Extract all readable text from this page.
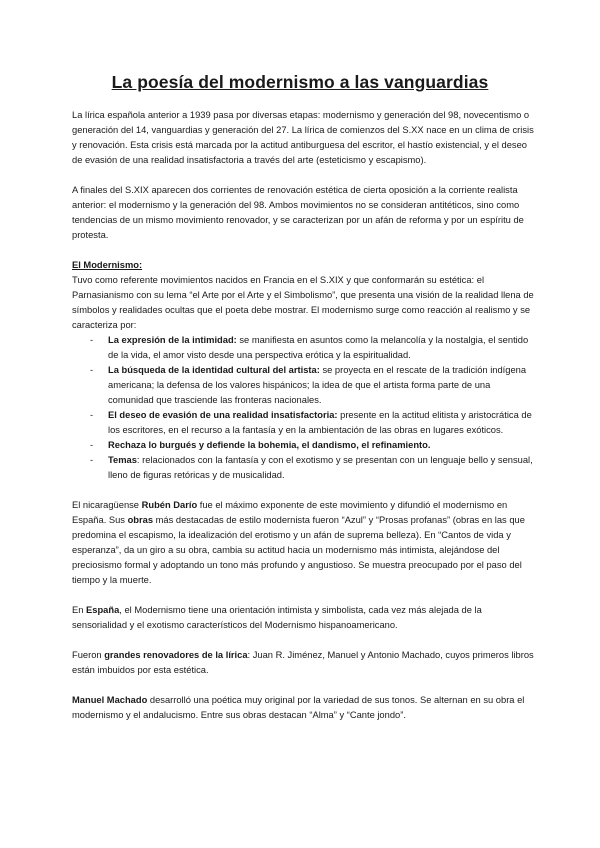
La poesía del modernismo a las vanguardias

La lírica española anterior a 1939 pasa por diversas etapas: modernismo y generación del 98, novecentismo o generación del 14, vanguardias y generación del 27. La lírica de comienzos del S.XX nace en un clima de crisis y renovación. Esta crisis está marcada por la actitud antiburguesa del escritor, el hastío existencial, y el deseo de evasión de una realidad insatisfactoria a través del arte (esteticismo y escapismo).

A finales del S.XIX aparecen dos corrientes de renovación estética de cierta oposición a la corriente realista anterior: el modernismo y la generación del 98. Ambos movimientos no se consideran antitéticos, sino como tendencias de un mismo movimiento renovador, y se caracterizan por un afán de reforma y por un espíritu de protesta.

El Modernismo:

Tuvo como referente movimientos nacidos en Francia en el S.XIX y que conformarán su estética: el Parnasianismo con su lema “el Arte por el Arte y el Simbolismo”, que presenta una visión de la realidad llena de símbolos y realidades ocultas que el poeta debe mostrar. El modernismo surge como reacción al realismo y se caracteriza por:

- La expresión de la intimidad: se manifiesta en asuntos como la melancolía y la nostalgia, el sentido de la vida, el amor visto desde una perspectiva erótica y la espiritualidad.
- La búsqueda de la identidad cultural del artista: se proyecta en el rescate de la tradición indígena americana; la defensa de los valores hispánicos; la idea de que el artista forma parte de una comunidad que trasciende las fronteras nacionales.
- El deseo de evasión de una realidad insatisfactoria: presente en la actitud elitista y aristocrática de los escritores, en el recurso a la fantasía y en la ambientación de las obras en lugares exóticos.
- Rechaza lo burgués y defiende la bohemia, el dandismo, el refinamiento.
- Temas: relacionados con la fantasía y con el exotismo y se presentan con un lenguaje bello y sensual, lleno de figuras retóricas y de musicalidad.

El nicaragüense Rubén Darío fue el máximo exponente de este movimiento y difundió el modernismo en España. Sus obras más destacadas de estilo modernista fueron “Azul” y “Prosas profanas” (obras en las que predomina el escapismo, la idealización del erotismo y un afán de suprema belleza). En “Cantos de vida y esperanza”, da un giro a su obra, cambia su actitud hacia un modernismo más intimista, alejándose del preciosismo formal y adoptando un tono más profundo y angustioso. Se muestra preocupado por el paso del tiempo y la muerte.

En España, el Modernismo tiene una orientación intimista y simbolista, cada vez más alejada de la sensorialidad y el exotismo característicos del Modernismo hispanoamericano.

Fueron grandes renovadores de la lírica: Juan R. Jiménez, Manuel y Antonio Machado, cuyos primeros libros están imbuidos por esta estética.

Manuel Machado desarrolló una poética muy original por la variedad de sus tonos. Se alternan en su obra el modernismo y el andalucismo. Entre sus obras destacan “Alma” y “Cante jondo”.
